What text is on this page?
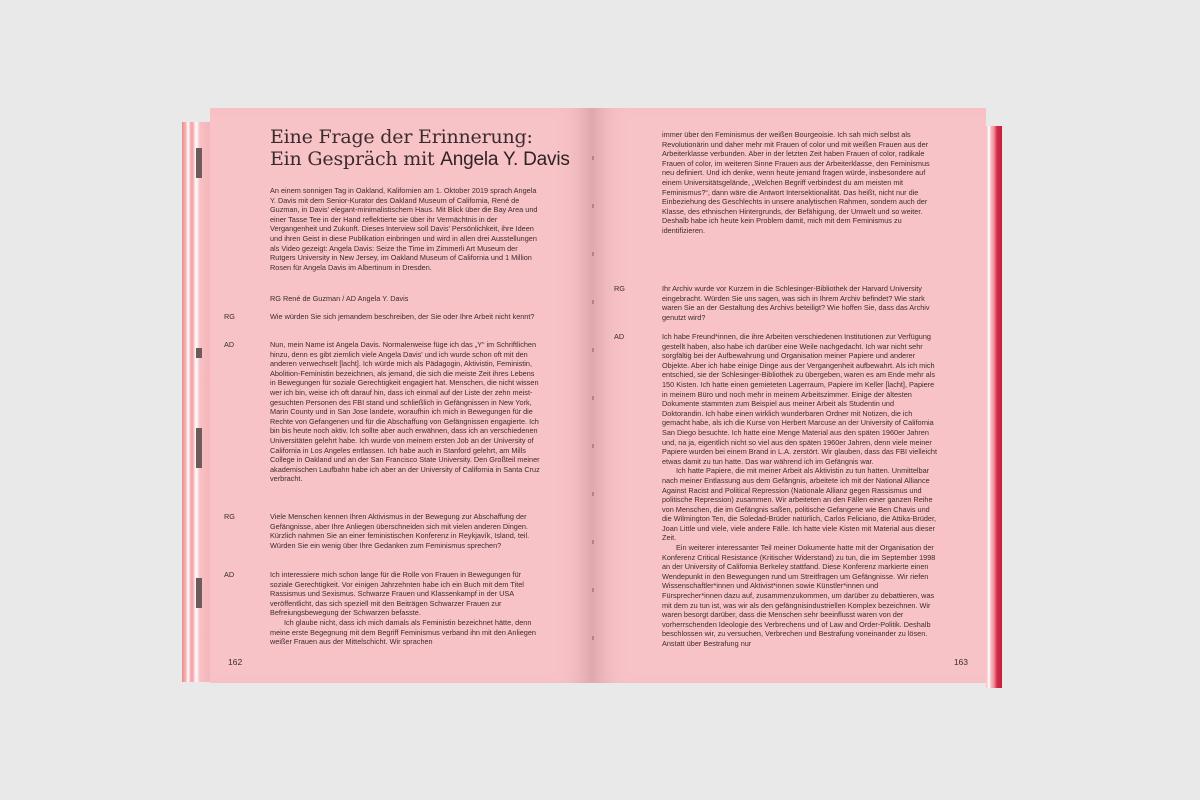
Eine Frage der Erinnerung:
Ein Gespräch mit Angela Y. Davis
An einem sonnigen Tag in Oakland, Kalifornien am 1. Oktober 2019 sprach Angela Y. Davis mit dem Senior-Kurator des Oakland Museum of California, René de Guzman, in Davis' elegant-minimalistischem Haus. Mit Blick über die Bay Area und einer Tasse Tee in der Hand reflektierte sie über ihr Vermächtnis in der Vergangenheit und Zukunft. Dieses Interview soll Davis' Persönlichkeit, ihre Ideen und ihren Geist in diese Publikation einbringen und wird in allen drei Ausstellungen als Video gezeigt: Angela Davis: Seize the Time im Zimmerli Art Museum der Rutgers University in New Jersey, im Oakland Museum of California und 1 Million Rosen für Angela Davis im Albertinum in Dresden.
RG René de Guzman / AD Angela Y. Davis
RG	Wie würden Sie sich jemandem beschreiben, der Sie oder Ihre Arbeit nicht kennt?
AD	Nun, mein Name ist Angela Davis. Normalerweise füge ich das „Y“ im Schriftlichen hinzu, denn es gibt ziemlich viele Angela Davis' und ich wurde schon oft mit den anderen verwechselt [lacht]. Ich würde mich als Pädagogin, Aktivistin, Feministin, Abolition-Feministin bezeichnen, als jemand, die sich die meiste Zeit ihres Lebens in Bewegungen für soziale Gerechtigkeit engagiert hat. Menschen, die nicht wissen wer ich bin, weise ich oft darauf hin, dass ich einmal auf der Liste der zehn meist-gesuchten Personen des FBI stand und schließlich in Gefängnissen in New York, Marin County und in San Jose landete, woraufhin ich mich in Bewegungen für die Rechte von Gefangenen und für die Abschaffung von Gefängnissen engagierte. Ich bin bis heute noch aktiv. Ich sollte aber auch erwähnen, dass ich an verschiedenen Universitäten gelehrt habe. Ich wurde von meinem ersten Job an der University of California in Los Angeles entlassen. Ich habe auch in Stanford gelehrt, am Mills College in Oakland und an der San Francisco State University. Den Großteil meiner akademischen Laufbahn habe ich aber an der University of California in Santa Cruz verbracht.
RG	Viele Menschen kennen Ihren Aktivismus in der Bewegung zur Abschaffung der Gefängnisse, aber Ihre Anliegen überschneiden sich mit vielen anderen Dingen. Kürzlich nahmen Sie an einer feministischen Konferenz in Reykjavík, Island, teil. Würden Sie ein wenig über Ihre Gedanken zum Feminismus sprechen?
AD	Ich interessiere mich schon lange für die Rolle von Frauen in Bewegungen für soziale Gerechtigkeit. Vor einigen Jahrzehnten habe ich ein Buch mit dem Titel Rassismus und Sexismus. Schwarze Frauen und Klassenkampf in der USA veröffentlicht, das sich speziell mit den Beiträgen Schwarzer Frauen zur Befreiungsbewegung der Schwarzen befasste.
Ich glaube nicht, dass ich mich damals als Feministin bezeichnet hätte, denn meine erste Begegnung mit dem Begriff Feminismus verband ihn mit den Anliegen weißer Frauen aus der Mittelschicht. Wir sprachen
162
immer über den Feminismus der weißen Bourgeoisie. Ich sah mich selbst als Revolutionärin und daher mehr mit Frauen of color und mit weißen Frauen aus der Arbeiterklasse verbunden. Aber in der letzten Zeit haben Frauen of color, radikale Frauen of color, im weiteren Sinne Frauen aus der Arbeiterklasse, den Feminismus neu definiert. Und ich denke, wenn heute jemand fragen würde, insbesondere auf einem Universitätsgelände, „Welchen Begriff verbindest du am meisten mit Feminismus?“, dann wäre die Antwort Intersektionalität. Das heißt, nicht nur die Einbeziehung des Geschlechts in unsere analytischen Rahmen, sondern auch der Klasse, des ethnischen Hintergrunds, der Befähigung, der Umwelt und so weiter. Deshalb habe ich heute kein Problem damit, mich mit dem Feminismus zu identifizieren.
RG	Ihr Archiv wurde vor Kurzem in die Schlesinger-Bibliothek der Harvard University eingebracht. Würden Sie uns sagen, was sich in Ihrem Archiv befindet? Wie stark waren Sie an der Gestaltung des Archivs beteiligt? Wie hoffen Sie, dass das Archiv genutzt wird?
AD	Ich habe Freund*innen, die ihre Arbeiten verschiedenen Institutionen zur Verfügung gestellt haben, also habe ich darüber eine Weile nachgedacht. Ich war nicht sehr sorgfältig bei der Aufbewahrung und Organisation meiner Papiere und anderer Objekte. Aber ich habe einige Dinge aus der Vergangenheit aufbewahrt. Als ich mich entschied, sie der Schlesinger-Bibliothek zu übergeben, waren es am Ende mehr als 150 Kisten. Ich hatte einen gemieteten Lagerraum, Papiere im Keller [lacht], Papiere in meinem Büro und noch mehr in meinem Arbeitszimmer. Einige der ältesten Dokumente stammten zum Beispiel aus meiner Arbeit als Studentin und Doktorandin. Ich habe einen wirklich wunderbaren Ordner mit Notizen, die ich gemacht habe, als ich die Kurse von Herbert Marcuse an der University of California San Diego besuchte. Ich hatte eine Menge Material aus den späten 1960er Jahren und, na ja, eigentlich nicht so viel aus den späten 1960er Jahren, denn viele meiner Papiere wurden bei einem Brand in L.A. zerstört. Wir glauben, dass das FBI vielleicht etwas damit zu tun hatte. Das war während ich im Gefängnis war.
Ich hatte Papiere, die mit meiner Arbeit als Aktivistin zu tun hatten. Unmittelbar nach meiner Entlassung aus dem Gefängnis, arbeitete ich mit der National Alliance Against Racist and Political Repression (Nationale Allianz gegen Rassismus und politische Repression) zusammen. Wir arbeiteten an den Fällen einer ganzen Reihe von Menschen, die im Gefängnis saßen, politische Gefangene wie Ben Chavis und die Wilmington Ten, die Soledad-Brüder natürlich, Carlos Feliciano, die Attika-Brüder, Joan Little und viele, viele andere Fälle. Ich hatte viele Kisten mit Material aus dieser Zeit.
Ein weiterer interessanter Teil meiner Dokumente hatte mit der Organisation der Konferenz Critical Resistance (Kritischer Widerstand) zu tun, die im September 1998 an der University of California Berkeley stattfand. Diese Konferenz markierte einen Wendepunkt in den Bewegungen rund um Streitfragen um Gefängnisse. Wir riefen Wissenschaftler*innen und Aktivist*innen sowie Künstler*innen und Fürsprecher*innen dazu auf, zusammenzukommen, um darüber zu debattieren, was mit dem zu tun ist, was wir als den gefängnisindustriellen Komplex bezeichnen. Wir waren besorgt darüber, dass die Menschen sehr beeinflusst waren von der vorherrschenden Ideologie des Verbrechens und of Law and Order-Politik. Deshalb beschlossen wir, zu versuchen, Verbrechen und Bestrafung voneinander zu lösen. Anstatt über Bestrafung nur
163
